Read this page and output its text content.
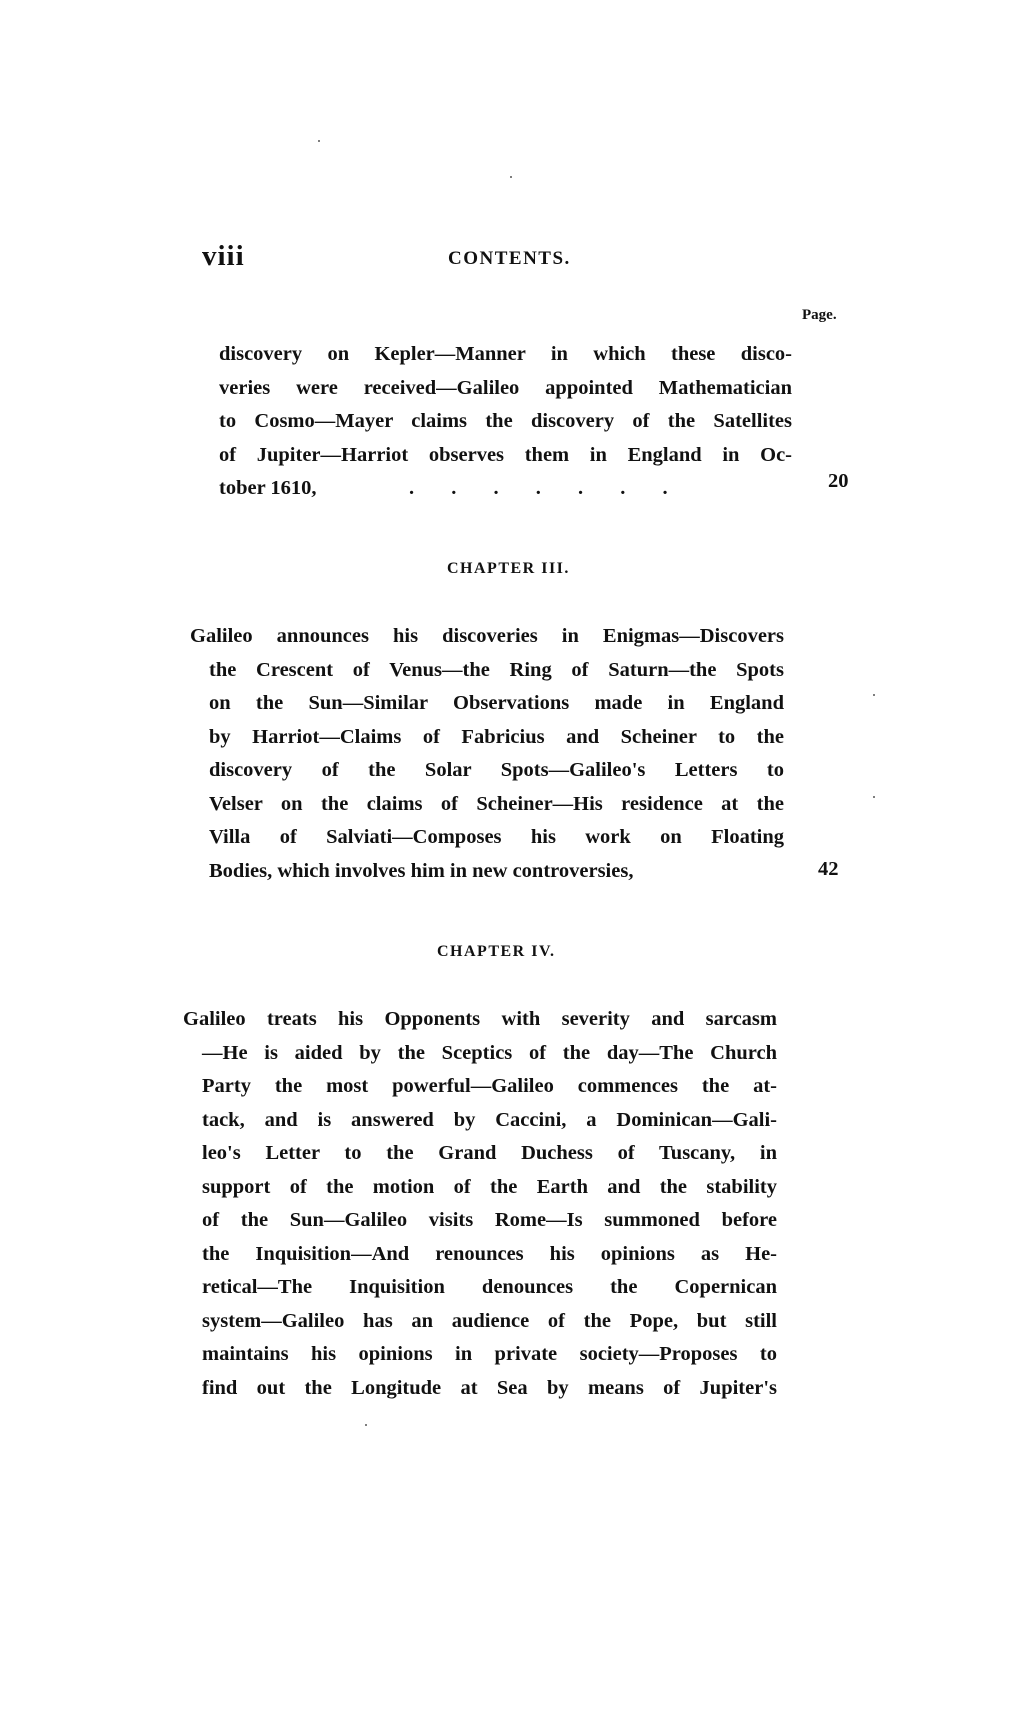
viii	CONTENTS.
Page.
discovery on Kepler—Manner in which these disco-
veries were received—Galileo appointed Mathematician
to Cosmo—Mayer claims the discovery of the Satellites
of Jupiter—Harriot observes them in England in Oc-
tober 1610,	. . . . . . .	20
CHAPTER III.
Galileo announces his discoveries in Enigmas—Discovers
the Crescent of Venus—the Ring of Saturn—the Spots
on the Sun—Similar Observations made in England
by Harriot—Claims of Fabricius and Scheiner to the
discovery of the Solar Spots—Galileo's Letters to
Velser on the claims of Scheiner—His residence at the
Villa of Salviati—Composes his work on Floating
Bodies, which involves him in new controversies,	42
CHAPTER IV.
Galileo treats his Opponents with severity and sarcasm
—He is aided by the Sceptics of the day—The Church
Party the most powerful—Galileo commences the at-
tack, and is answered by Caccini, a Dominican—Gali-
leo's Letter to the Grand Duchess of Tuscany, in
support of the motion of the Earth and the stability
of the Sun—Galileo visits Rome—Is summoned before
the Inquisition—And renounces his opinions as He-
retical—The Inquisition denounces the Copernican
system—Galileo has an audience of the Pope, but still
maintains his opinions in private society—Proposes to
find out the Longitude at Sea by means of Jupiter's
